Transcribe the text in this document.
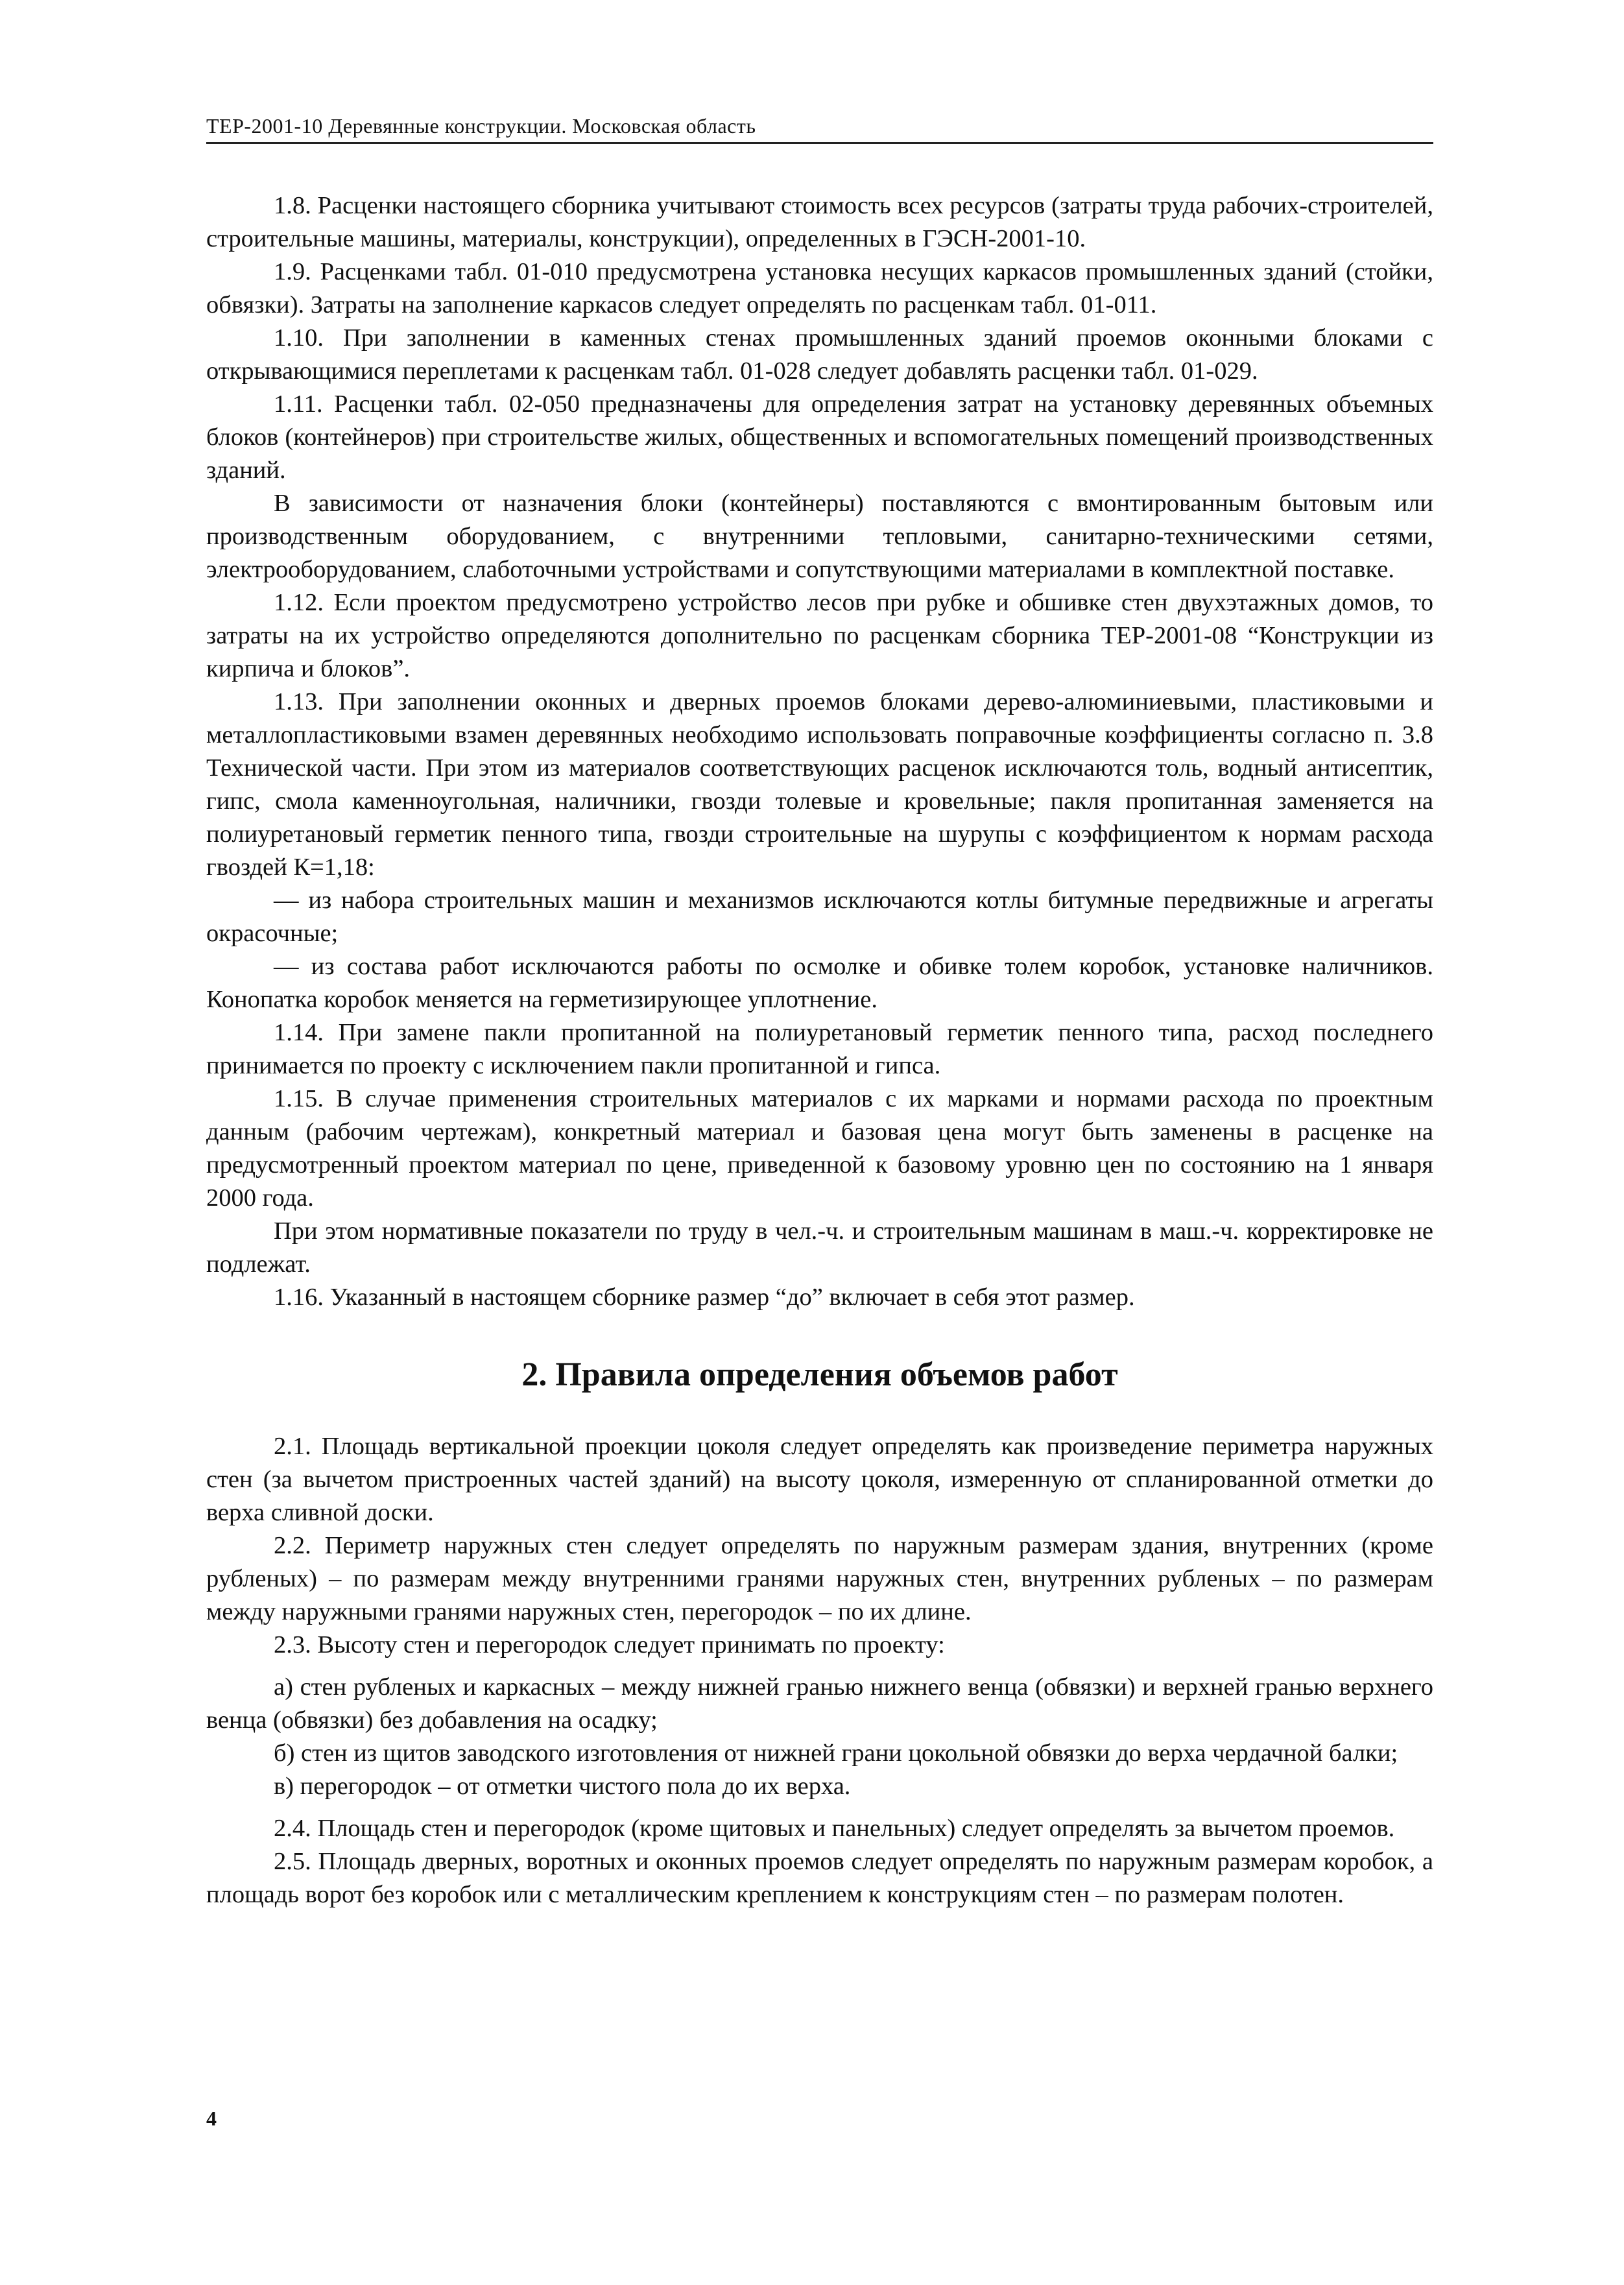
ТЕР-2001-10 Деревянные конструкции. Московская область

1.8. Расценки настоящего сборника учитывают стоимость всех ресурсов (затраты труда рабочих-строителей, строительные машины, материалы, конструкции), определенных в ГЭСН-2001-10.

1.9. Расценками табл. 01-010 предусмотрена установка несущих каркасов промышленных зданий (стойки, обвязки). Затраты на заполнение каркасов следует определять по расценкам табл. 01-011.

1.10. При заполнении в каменных стенах промышленных зданий проемов оконными блоками с открывающимися переплетами к расценкам табл. 01-028 следует добавлять расценки табл. 01-029.

1.11. Расценки табл. 02-050 предназначены для определения затрат на установку деревянных объемных блоков (контейнеров) при строительстве жилых, общественных и вспомогательных помещений производственных зданий.

В зависимости от назначения блоки (контейнеры) поставляются с вмонтированным бытовым или производственным оборудованием, с внутренними тепловыми, санитарно-техническими сетями, электрооборудованием, слаботочными устройствами и сопутствующими материалами в комплектной поставке.

1.12. Если проектом предусмотрено устройство лесов при рубке и обшивке стен двухэтажных домов, то затраты на их устройство определяются дополнительно по расценкам сборника ТЕР-2001-08 “Конструкции из кирпича и блоков”.

1.13. При заполнении оконных и дверных проемов блоками дерево-алюминиевыми, пластиковыми и металлопластиковыми взамен деревянных необходимо использовать поправочные коэффициенты согласно п. 3.8 Технической части. При этом из материалов соответствующих расценок исключаются толь, водный антисептик, гипс, смола каменноугольная, наличники, гвозди толевые и кровельные; пакля пропитанная заменяется на полиуретановый герметик пенного типа, гвозди строительные на шурупы с коэффициентом к нормам расхода гвоздей К=1,18:

— из набора строительных машин и механизмов исключаются котлы битумные передвижные и агрегаты окрасочные;

— из состава работ исключаются работы по осмолке и обивке толем коробок, установке наличников. Конопатка коробок меняется на герметизирующее уплотнение.

1.14. При замене пакли пропитанной на полиуретановый герметик пенного типа, расход последнего принимается по проекту с исключением пакли пропитанной и гипса.

1.15. В случае применения строительных материалов с их марками и нормами расхода по проектным данным (рабочим чертежам), конкретный материал и базовая цена могут быть заменены в расценке на предусмотренный проектом материал по цене, приведенной к базовому уровню цен по состоянию на 1 января 2000 года.

При этом нормативные показатели по труду в чел.-ч. и строительным машинам в маш.-ч. корректировке не подлежат.

1.16. Указанный в настоящем сборнике размер “до” включает в себя этот размер.

2. Правила определения объемов работ

2.1. Площадь вертикальной проекции цоколя следует определять как произведение периметра наружных стен (за вычетом пристроенных частей зданий) на высоту цоколя, измеренную от спланированной отметки до верха сливной доски.

2.2. Периметр наружных стен следует определять по наружным размерам здания, внутренних (кроме рубленых) – по размерам между внутренними гранями наружных стен, внутренних рубленых – по размерам между наружными гранями наружных стен, перегородок – по их длине.

2.3. Высоту стен и перегородок следует принимать по проекту:

а) стен рубленых и каркасных – между нижней гранью нижнего венца (обвязки) и верхней гранью верхнего венца (обвязки) без добавления на осадку;

б) стен из щитов заводского изготовления от нижней грани цокольной обвязки до верха чердачной балки;

в) перегородок – от отметки чистого пола до их верха.

2.4. Площадь стен и перегородок (кроме щитовых и панельных) следует определять за вычетом проемов.

2.5. Площадь дверных, воротных и оконных проемов следует определять по наружным размерам коробок, а площадь ворот без коробок или с металлическим креплением к конструкциям стен – по размерам полотен.

4
